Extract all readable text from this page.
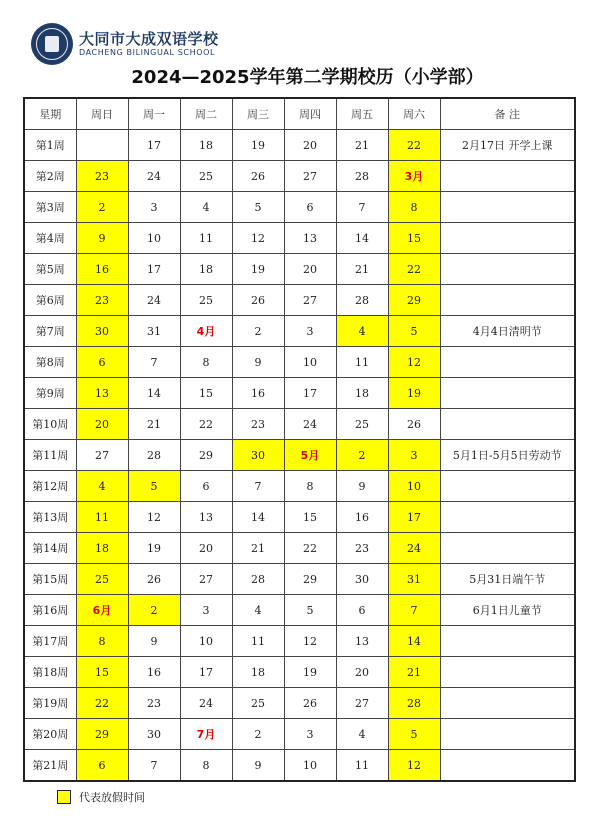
大同市大成双语学校
DACHENG BILINGUAL SCHOOL
2024—2025学年第二学期校历（小学部）
星期	周日	周一	周二	周三	周四	周五	周六	备 注
第1周		17	18	19	20	21	22	2月17日 开学上课
第2周	23	24	25	26	27	28	3月	
第3周	2	3	4	5	6	7	8	
第4周	9	10	11	12	13	14	15	
第5周	16	17	18	19	20	21	22	
第6周	23	24	25	26	27	28	29	
第7周	30	31	4月	2	3	4	5	4月4日清明节
第8周	6	7	8	9	10	11	12	
第9周	13	14	15	16	17	18	19	
第10周	20	21	22	23	24	25	26	
第11周	27	28	29	30	5月	2	3	5月1日-5月5日劳动节
第12周	4	5	6	7	8	9	10	
第13周	11	12	13	14	15	16	17	
第14周	18	19	20	21	22	23	24	
第15周	25	26	27	28	29	30	31	5月31日端午节
第16周	6月	2	3	4	5	6	7	6月1日儿童节
第17周	8	9	10	11	12	13	14	
第18周	15	16	17	18	19	20	21	
第19周	22	23	24	25	26	27	28	
第20周	29	30	7月	2	3	4	5	
第21周	6	7	8	9	10	11	12	
代表放假时间
